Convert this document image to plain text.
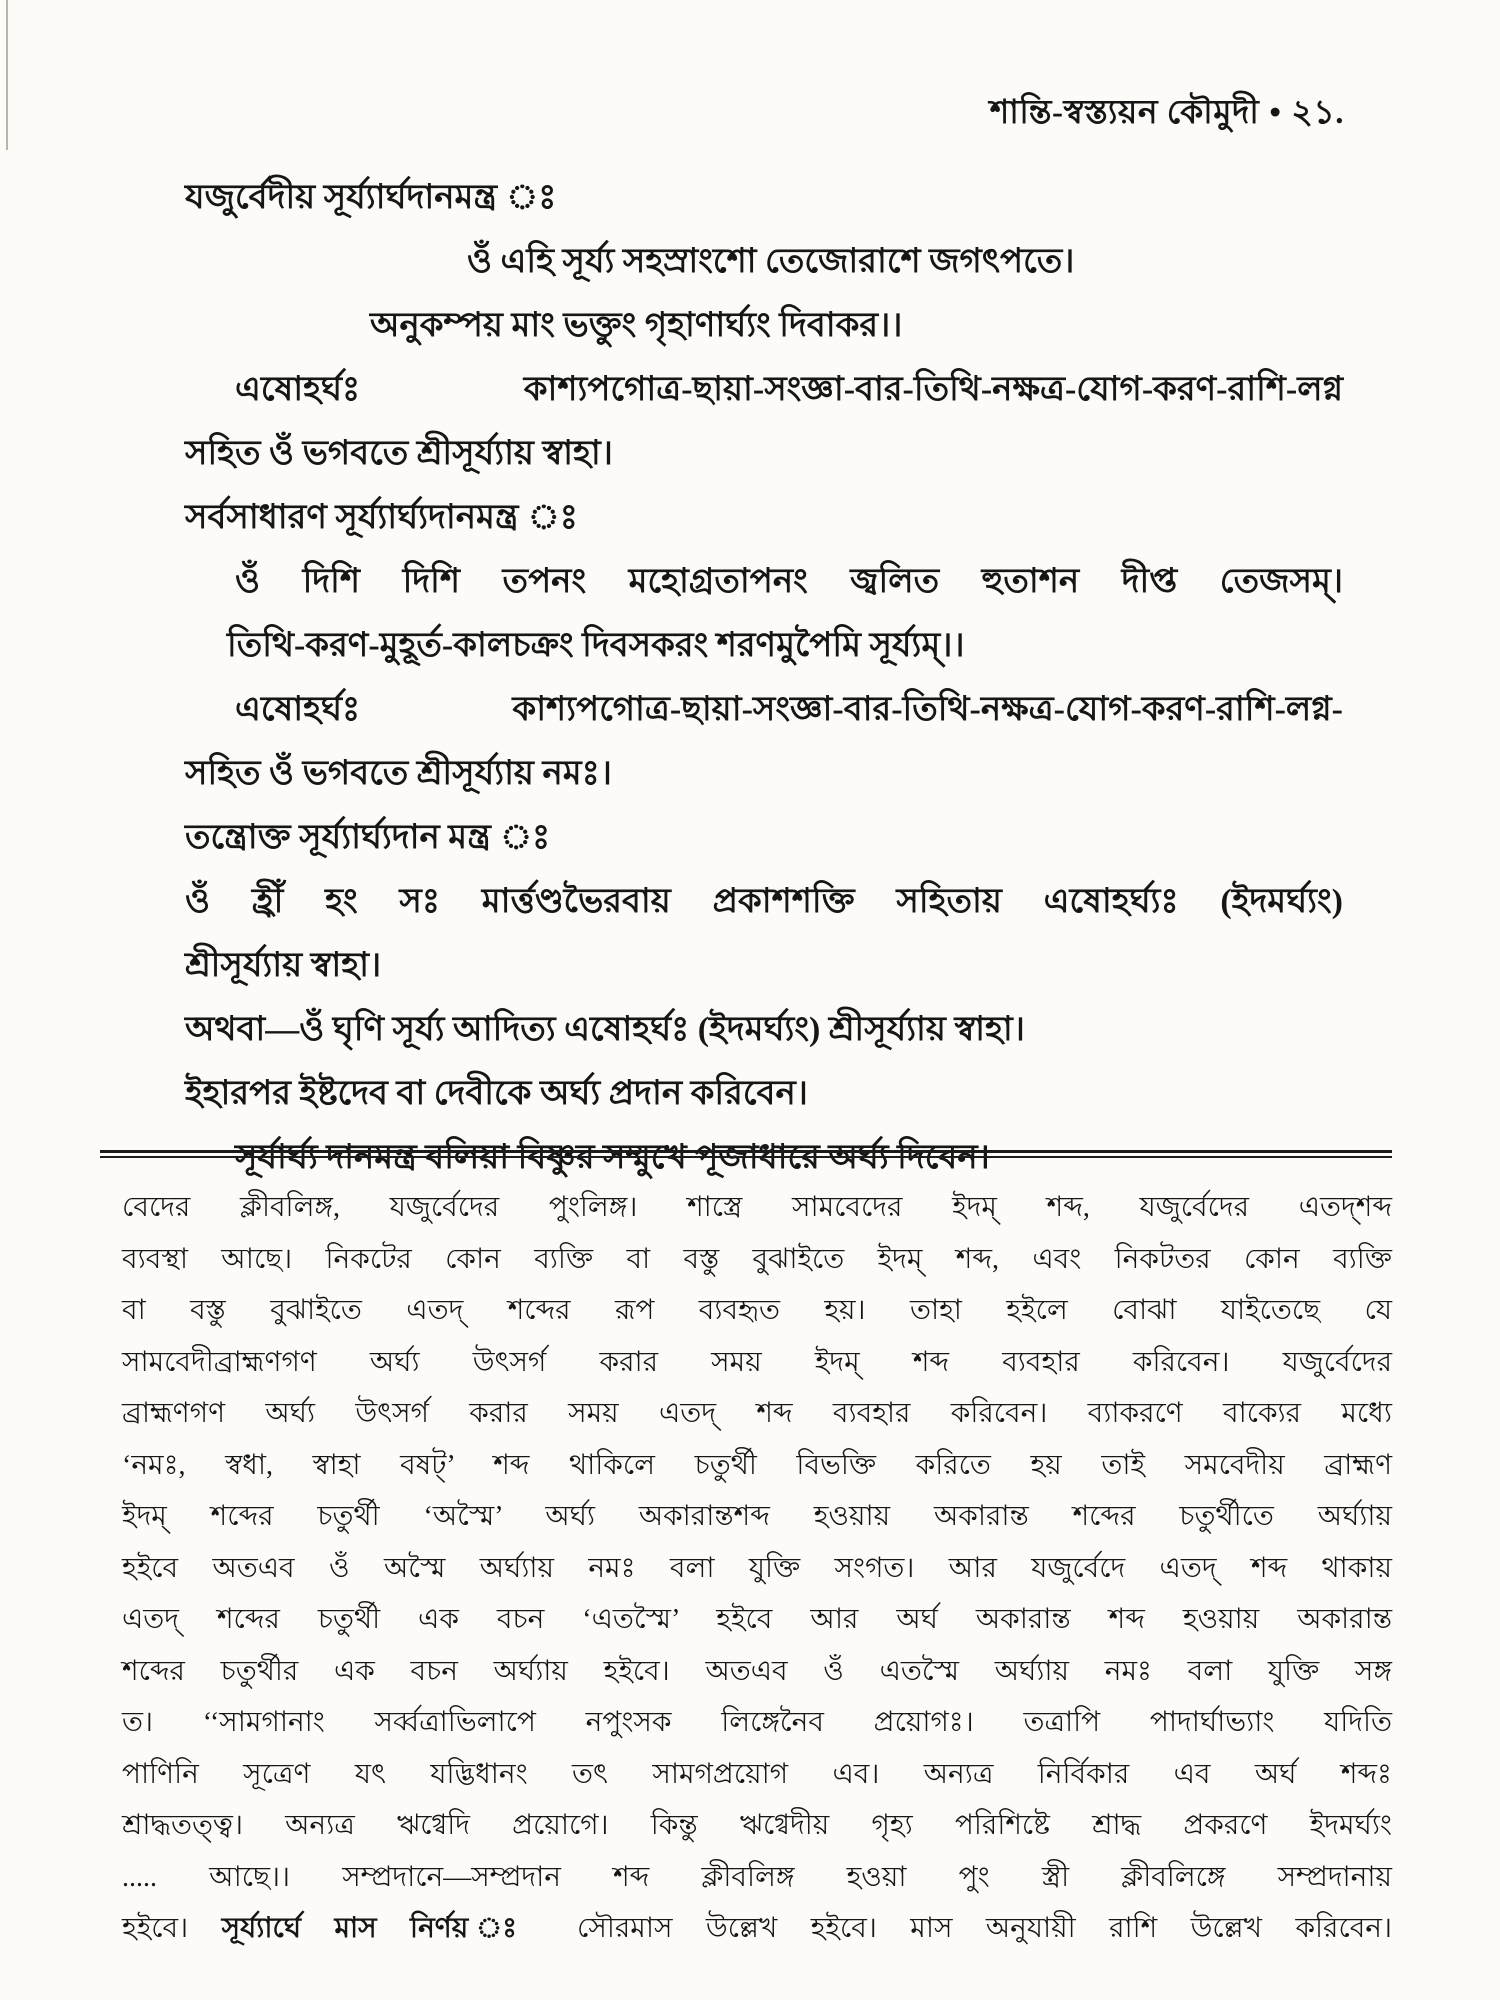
শান্তি-স্বস্ত্যয়ন কৌমুদী • ২১.
যজুর্বেদীয় সূর্য্যার্ঘদানমন্ত্র ঃ
ওঁ এহি সূর্য্য সহস্রাংশো তেজোরাশে জগৎপতে।
অনুকম্পয় মাং ভক্তুং গৃহাণার্ঘ্যং দিবাকর।।
এষোহর্ঘঃ কাশ্যপগোত্র-ছায়া-সংজ্ঞা-বার-তিথি-নক্ষত্র-যোগ-করণ-রাশি-লগ্ন
সহিত ওঁ ভগবতে শ্রীসূর্য্যায় স্বাহা।
সর্বসাধারণ সূর্য্যার্ঘ্যদানমন্ত্র ঃ
ওঁ দিশি দিশি তপনং মহোগ্রতাপনং জ্বলিত হুতাশন দীপ্ত তেজসম্।
তিথি-করণ-মুহূর্ত-কালচক্রং দিবসকরং শরণমুপৈমি সূর্য্যম্।।
এষোহর্ঘঃ কাশ্যপগোত্র-ছায়া-সংজ্ঞা-বার-তিথি-নক্ষত্র-যোগ-করণ-রাশি-লগ্ন-
সহিত ওঁ ভগবতে শ্রীসূর্য্যায় নমঃ।
তন্ত্রোক্ত সূর্য্যার্ঘ্যদান মন্ত্র ঃ
ওঁ হ্রীঁ হং সঃ মার্ত্তণ্ডভৈরবায় প্রকাশশক্তি সহিতায় এষোহর্ঘ্যঃ (ইদমর্ঘ্যং)
শ্রীসূর্য্যায় স্বাহা।
অথবা—ওঁ ঘৃণি সূর্য্য আদিত্য এষোহর্ঘঃ (ইদমর্ঘ্যং) শ্রীসূর্য্যায় স্বাহা।
ইহারপর ইষ্টদেব বা দেবীকে অর্ঘ্য প্রদান করিবেন।
সূর্যার্ঘ্য দানমন্ত্র বলিয়া বিষ্ণুর সম্মুখে পূজাধারে অর্ঘ্য দিবেন।
বেদের ক্লীবলিঙ্গ, যজুর্বেদের পুংলিঙ্গ। শাস্ত্রে সামবেদের ইদম্ শব্দ, যজুর্বেদের এতদ্‌শব্দ
ব্যবস্থা আছে। নিকটের কোন ব্যক্তি বা বস্তু বুঝাইতে ইদম্ শব্দ, এবং নিকটতর কোন ব্যক্তি
বা বস্তু বুঝাইতে এতদ্ শব্দের রূপ ব্যবহৃত হয়। তাহা হইলে বোঝা যাইতেছে যে
সামবেদীব্রাহ্মণগণ অর্ঘ্য উৎসর্গ করার সময় ইদম্ শব্দ ব্যবহার করিবেন। যজুর্বেদের
ব্রাহ্মণগণ অর্ঘ্য উৎসর্গ করার সময় এতদ্ শব্দ ব্যবহার করিবেন। ব্যাকরণে বাক্যের মধ্যে
‘নমঃ, স্বধা, স্বাহা বষট্’ শব্দ থাকিলে চতুর্থী বিভক্তি করিতে হয় তাই সমবেদীয় ব্রাহ্মণ
ইদম্ শব্দের চতুর্থী ‘অস্মৈ’ অর্ঘ্য অকারান্তশব্দ হওয়ায় অকারান্ত শব্দের চতুর্থীতে অর্ঘ্যায়
হইবে অতএব ওঁ অস্মৈ অর্ঘ্যায় নমঃ বলা যুক্তি সংগত। আর যজুর্বেদে এতদ্ শব্দ থাকায়
এতদ্ শব্দের চতুর্থী এক বচন ‘এতস্মৈ’ হইবে আর অর্ঘ অকারান্ত শব্দ হওয়ায় অকারান্ত
শব্দের চতুর্থীর এক বচন অর্ঘ্যায় হইবে। অতএব ওঁ এতস্মৈ অর্ঘ্যায় নমঃ বলা যুক্তি সঙ্গ
ত। ‘‘সামগানাং সর্ব্বত্রাভিলাপে নপুংসক লিঙ্গেনৈব প্রয়োগঃ। তত্রাপি পাদার্ঘাভ্যাং যদিতি
পাণিনি সূত্রেণ যৎ যদ্ভিধানং তৎ সামগপ্রয়োগ এব। অন্যত্র নির্বিকার এব অর্ঘ শব্দঃ
শ্রাদ্ধতত্ত্ব। অন্যত্র ঋগ্বেদি প্রয়োগে। কিন্তু ঋগ্বেদীয় গৃহ্য পরিশিষ্টে শ্রাদ্ধ প্রকরণে ইদমর্ঘ্যং
..... আছে।। সম্প্রদানে—সম্প্রদান শব্দ ক্লীবলিঙ্গ হওয়া পুং স্ত্রী ক্লীবলিঙ্গে সম্প্রদানায়
হইবে। সূর্য্যার্ঘে মাস নির্ণয় ঃ সৌরমাস উল্লেখ হইবে। মাস অনুযায়ী রাশি উল্লেখ করিবেন।
